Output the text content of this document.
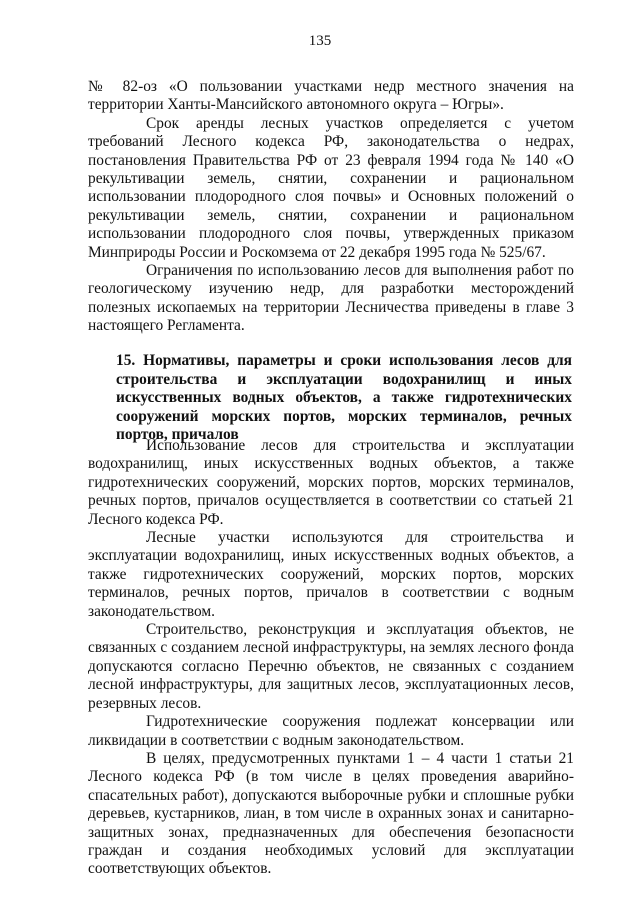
135

№ 82-оз «О пользовании участками недр местного значения на территории Ханты-Мансийского автономного округа – Югры».

Срок аренды лесных участков определяется с учетом требований Лесного кодекса РФ, законодательства о недрах, постановления Правительства РФ от 23 февраля 1994 года № 140 «О рекультивации земель, снятии, сохранении и рациональном использовании плодородного слоя почвы» и Основных положений о рекультивации земель, снятии, сохранении и рациональном использовании плодородного слоя почвы, утвержденных приказом Минприроды России и Роскомзема от 22 декабря 1995 года № 525/67.

Ограничения по использованию лесов для выполнения работ по геологическому изучению недр, для разработки месторождений полезных ископаемых на территории Лесничества приведены в главе 3 настоящего Регламента.

15. Нормативы, параметры и сроки использования лесов для строительства и эксплуатации водохранилищ и иных искусственных водных объектов, а также гидротехнических сооружений морских портов, морских терминалов, речных портов, причалов

Использование лесов для строительства и эксплуатации водохранилищ, иных искусственных водных объектов, а также гидротехнических сооружений, морских портов, морских терминалов, речных портов, причалов осуществляется в соответствии со статьей 21 Лесного кодекса РФ.

Лесные участки используются для строительства и эксплуатации водохранилищ, иных искусственных водных объектов, а также гидротехнических сооружений, морских портов, морских терминалов, речных портов, причалов в соответствии с водным законодательством.

Строительство, реконструкция и эксплуатация объектов, не связанных с созданием лесной инфраструктуры, на землях лесного фонда допускаются согласно Перечню объектов, не связанных с созданием лесной инфраструктуры, для защитных лесов, эксплуатационных лесов, резервных лесов.

Гидротехнические сооружения подлежат консервации или ликвидации в соответствии с водным законодательством.

В целях, предусмотренных пунктами 1 – 4 части 1 статьи 21 Лесного кодекса РФ (в том числе в целях проведения аварийно-спасательных работ), допускаются выборочные рубки и сплошные рубки деревьев, кустарников, лиан, в том числе в охранных зонах и санитарно-защитных зонах, предназначенных для обеспечения безопасности граждан и создания необходимых условий для эксплуатации соответствующих объектов.
